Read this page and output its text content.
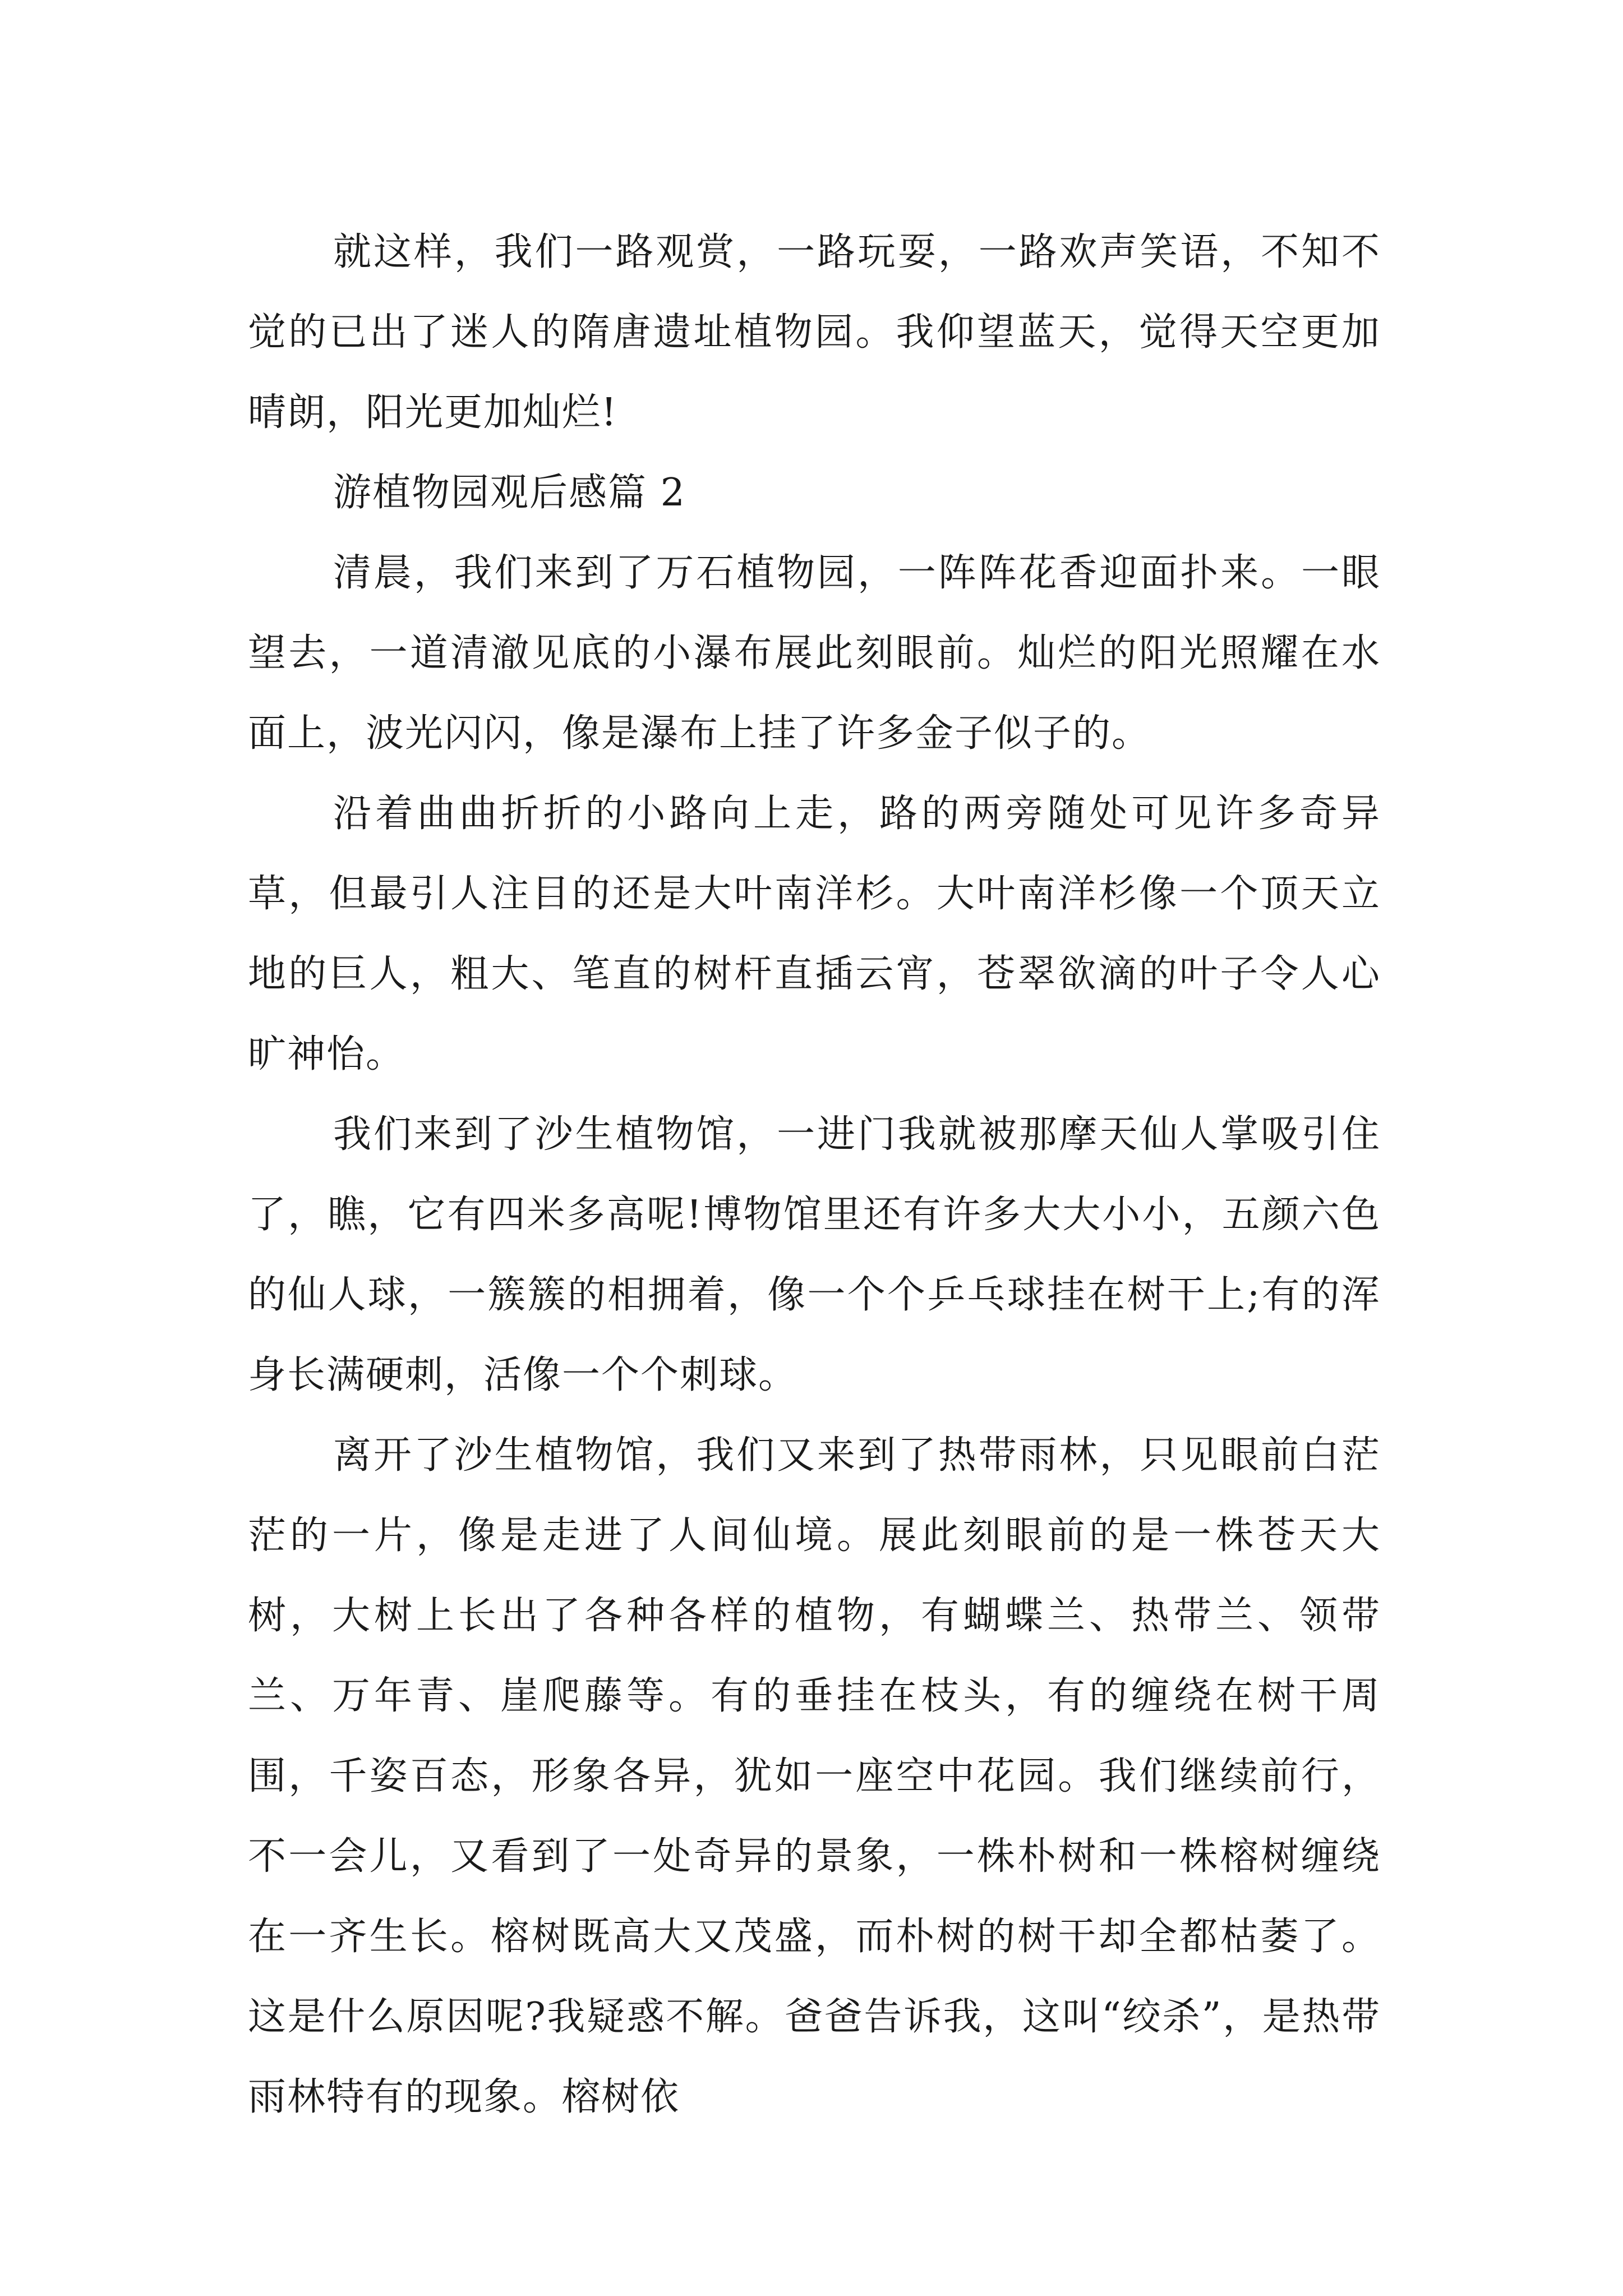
就这样，我们一路观赏，一路玩耍，一路欢声笑语，不知不觉的已出了迷人的隋唐遗址植物园。我仰望蓝天，觉得天空更加晴朗，阳光更加灿烂!

游植物园观后感篇 2

清晨，我们来到了万石植物园，一阵阵花香迎面扑来。一眼望去，一道清澈见底的小瀑布展此刻眼前。灿烂的阳光照耀在水面上，波光闪闪，像是瀑布上挂了许多金子似子的。

沿着曲曲折折的小路向上走，路的两旁随处可见许多奇异草，但最引人注目的还是大叶南洋杉。大叶南洋杉像一个顶天立地的巨人，粗大、笔直的树杆直插云宵，苍翠欲滴的叶子令人心旷神怡。

我们来到了沙生植物馆，一进门我就被那摩天仙人掌吸引住了，瞧，它有四米多高呢!博物馆里还有许多大大小小，五颜六色的仙人球，一簇簇的相拥着，像一个个乒乓球挂在树干上;有的浑身长满硬刺，活像一个个刺球。

离开了沙生植物馆，我们又来到了热带雨林，只见眼前白茫茫的一片，像是走进了人间仙境。展此刻眼前的是一株苍天大树，大树上长出了各种各样的植物，有蝴蝶兰、热带兰、领带兰、万年青、崖爬藤等。有的垂挂在枝头，有的缠绕在树干周围，千姿百态，形象各异，犹如一座空中花园。我们继续前行，不一会儿，又看到了一处奇异的景象，一株朴树和一株榕树缠绕在一齐生长。榕树既高大又茂盛，而朴树的树干却全都枯萎了。这是什么原因呢?我疑惑不解。爸爸告诉我，这叫“绞杀”，是热带雨林特有的现象。榕树依
